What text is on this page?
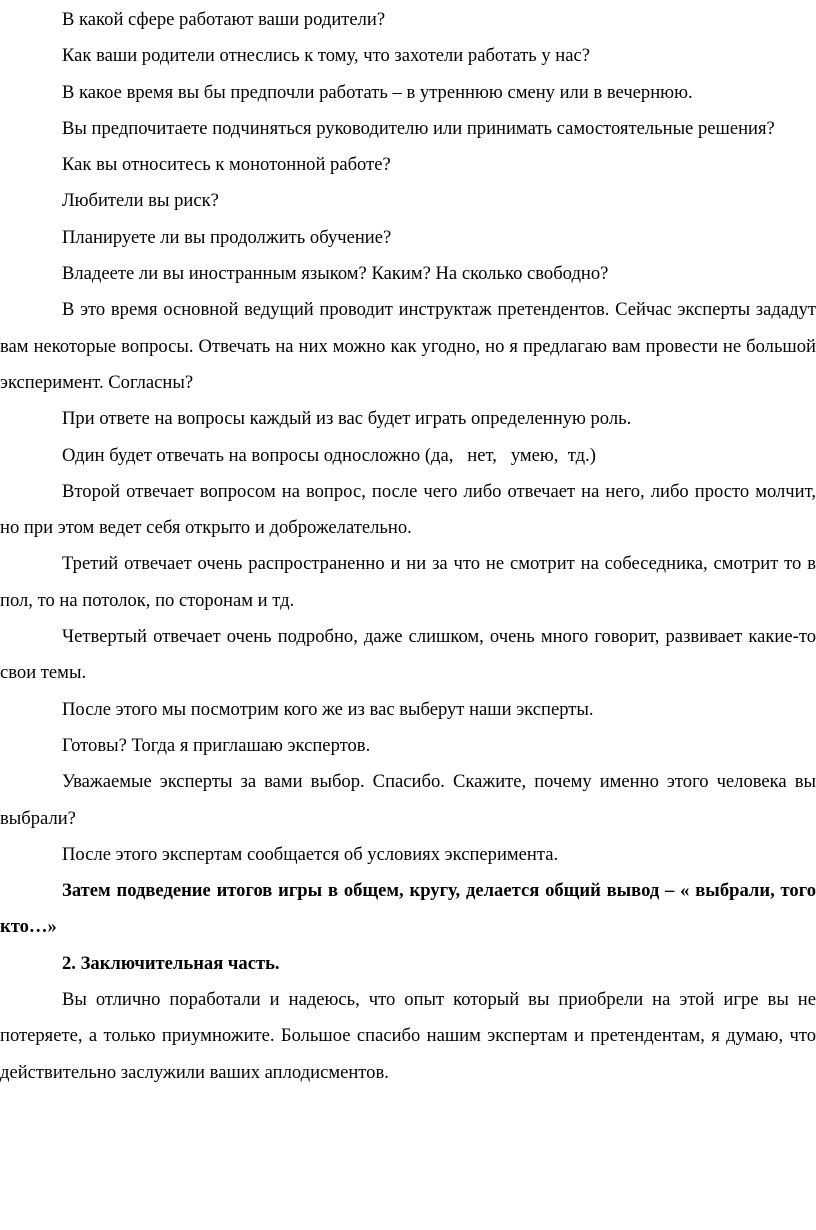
В какой сфере работают ваши родители?

Как ваши родители отнеслись к тому, что захотели работать у нас?

В какое время вы бы предпочли работать – в утреннюю смену или в вечернюю.

Вы предпочитаете подчиняться руководителю или принимать самостоятельные решения?

Как вы относитесь к монотонной работе?

Любители вы риск?

Планируете ли вы продолжить обучение?

Владеете ли вы иностранным языком? Каким? На сколько свободно?

В это время основной ведущий проводит инструктаж претендентов. Сейчас эксперты зададут вам некоторые вопросы. Отвечать на них можно как угодно, но я предлагаю вам провести не большой эксперимент. Согласны?

При ответе на вопросы каждый из вас будет играть определенную роль.

Один будет отвечать на вопросы односложно (да,   нет,   умею,  тд.)

Второй отвечает вопросом на вопрос, после чего либо отвечает на него, либо просто молчит, но при этом ведет себя открыто и доброжелательно.

Третий отвечает очень распространенно и ни за что не смотрит на собеседника, смотрит то в пол, то на потолок, по сторонам и тд.

Четвертый отвечает очень подробно, даже слишком, очень много говорит, развивает какие-то свои темы.

После этого мы посмотрим кого же из вас выберут наши эксперты.

Готовы? Тогда я приглашаю экспертов.

Уважаемые эксперты за вами выбор. Спасибо. Скажите, почему именно этого человека вы выбрали?

После этого экспертам сообщается об условиях эксперимента.

Затем подведение итогов игры в общем, кругу, делается общий вывод – « выбрали, того кто…»

2. Заключительная часть.

Вы отлично поработали и надеюсь, что опыт который вы приобрели на этой игре вы не потеряете, а только приумножите. Большое спасибо нашим экспертам и претендентам, я думаю, что действительно заслужили ваших аплодисментов.
